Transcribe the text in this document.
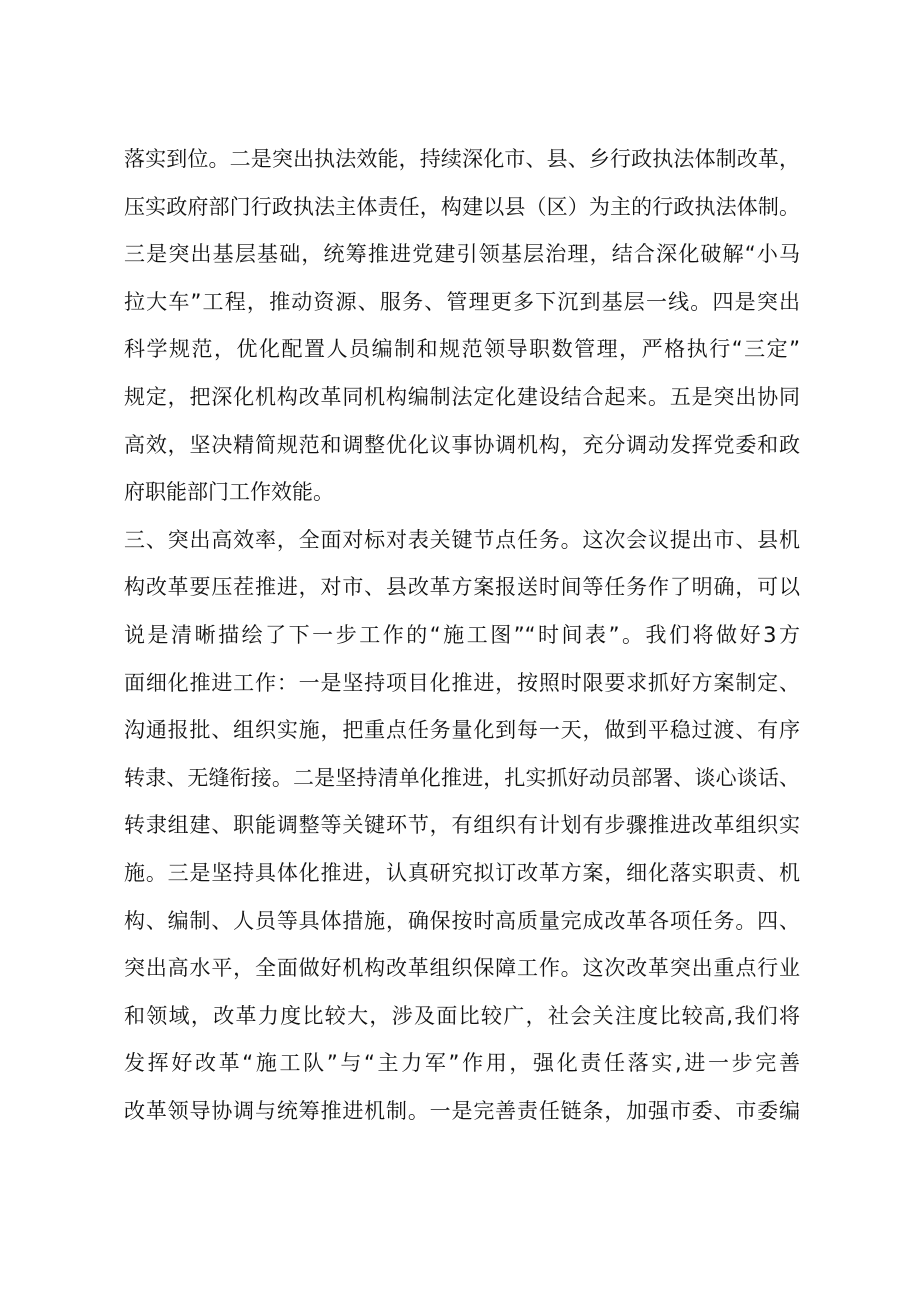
落实到位。二是突出执法效能，持续深化市、县、乡行政执法体制改革，
压实政府部门行政执法主体责任，构建以县（区）为主的行政执法体制。
三是突出基层基础，统筹推进党建引领基层治理，结合深化破解“小马
拉大车”工程，推动资源、服务、管理更多下沉到基层一线。四是突出
科学规范，优化配置人员编制和规范领导职数管理，严格执行“三定”
规定，把深化机构改革同机构编制法定化建设结合起来。五是突出协同
高效，坚决精简规范和调整优化议事协调机构，充分调动发挥党委和政
府职能部门工作效能。
三、突出高效率，全面对标对表关键节点任务。这次会议提出市、县机
构改革要压茬推进，对市、县改革方案报送时间等任务作了明确，可以
说是清晰描绘了下一步工作的“施工图”“时间表”。我们将做好3方
面细化推进工作：一是坚持项目化推进，按照时限要求抓好方案制定、
沟通报批、组织实施，把重点任务量化到每一天，做到平稳过渡、有序
转隶、无缝衔接。二是坚持清单化推进，扎实抓好动员部署、谈心谈话、
转隶组建、职能调整等关键环节，有组织有计划有步骤推进改革组织实
施。三是坚持具体化推进，认真研究拟订改革方案，细化落实职责、机
构、编制、人员等具体措施，确保按时高质量完成改革各项任务。四、
突出高水平，全面做好机构改革组织保障工作。这次改革突出重点行业
和领域，改革力度比较大，涉及面比较广，社会关注度比较高,我们将
发挥好改革“施工队”与“主力军”作用，强化责任落实,进一步完善
改革领导协调与统筹推进机制。一是完善责任链条，加强市委、市委编
